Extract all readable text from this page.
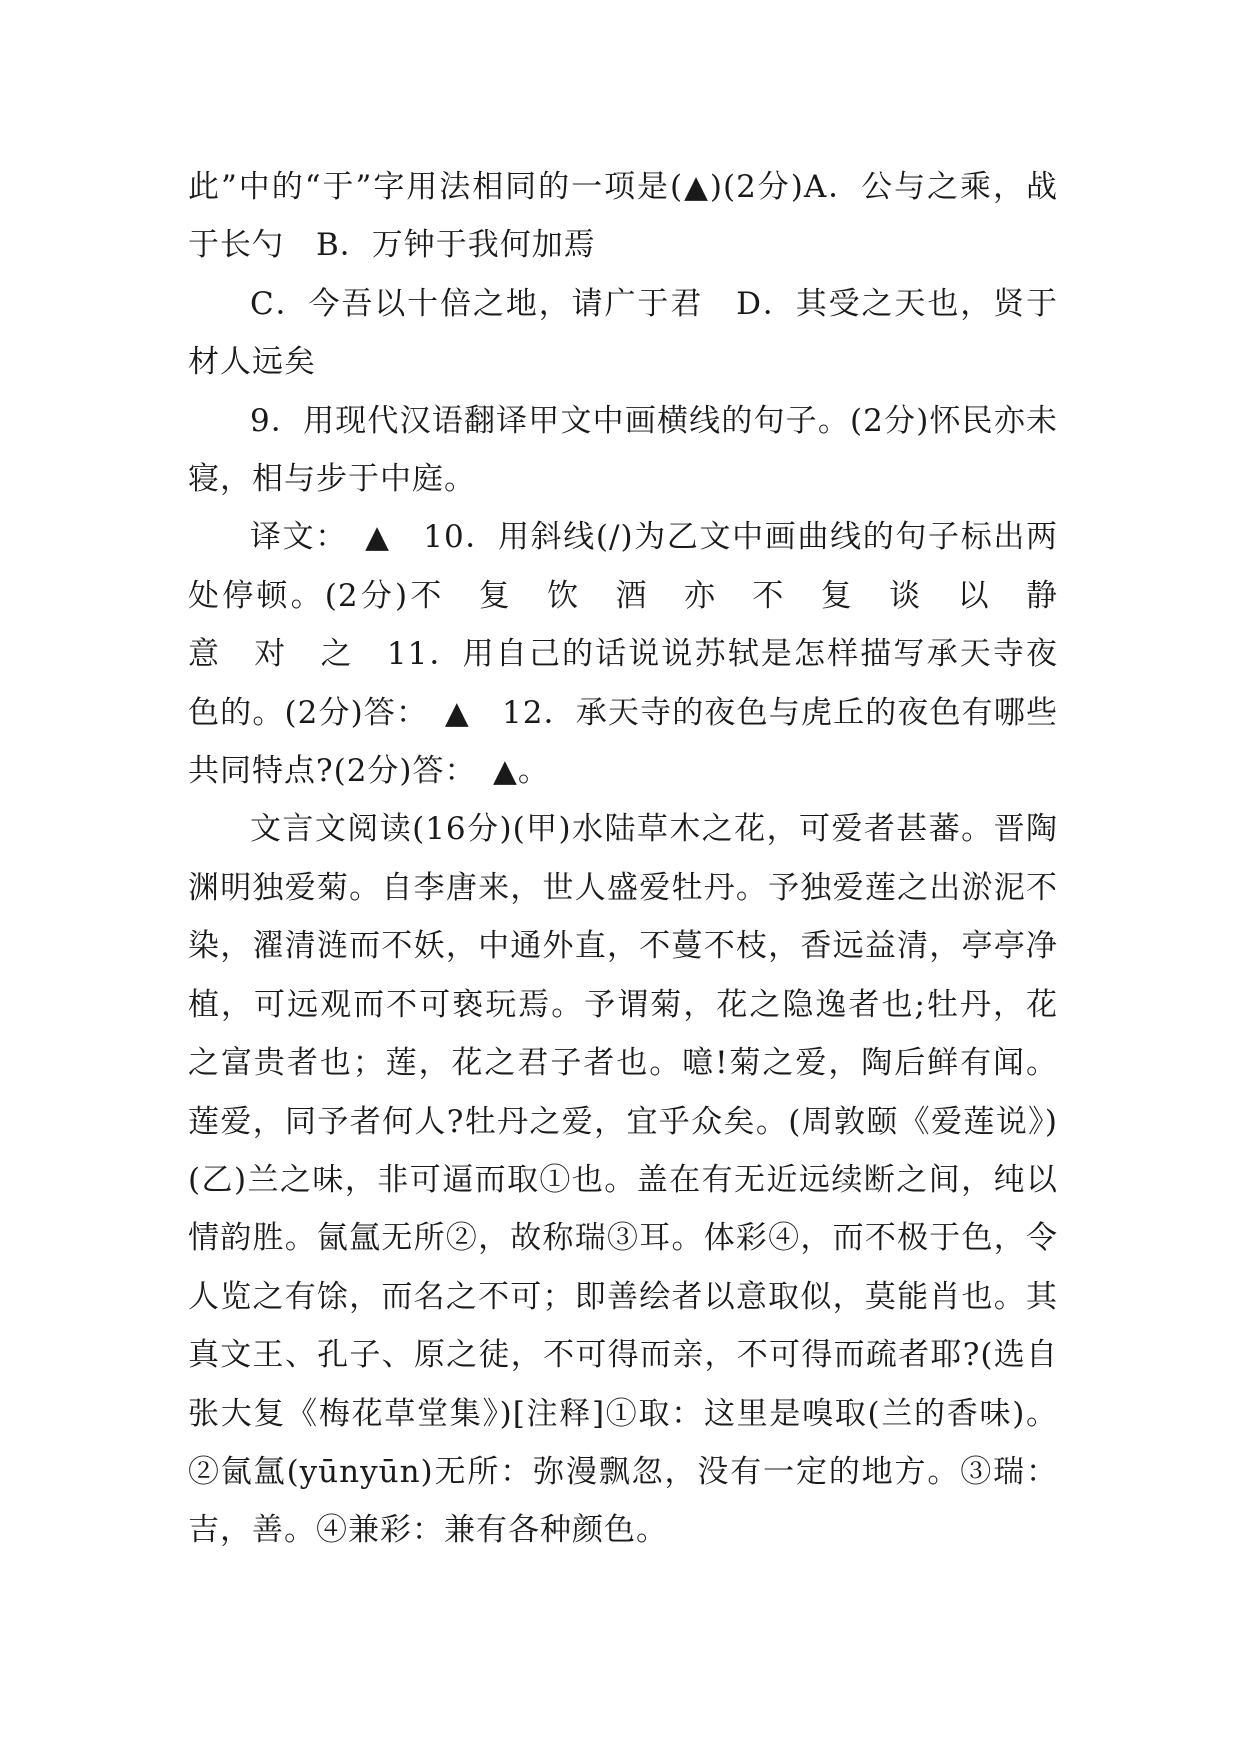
此”中的“于”字用法相同的一项是(▲)(2分)A．公与之乘，战于长勺　B．万钟于我何加焉

C．今吾以十倍之地，请广于君　D．其受之天也，贤于材人远矣

9．用现代汉语翻译甲文中画横线的句子。(2分)怀民亦未寝，相与步于中庭。

译文：　▲　10．用斜线(/)为乙文中画曲线的句子标出两处停顿。(2分)不　复　饮　酒　亦　不　复　谈　以　静　意　对　之　11．用自己的话说说苏轼是怎样描写承天寺夜色的。(2分)答：　▲　12．承天寺的夜色与虎丘的夜色有哪些共同特点?(2分)答：　▲。

文言文阅读(16分)(甲)水陆草木之花，可爱者甚蕃。晋陶渊明独爱菊。自李唐来，世人盛爱牡丹。予独爱莲之出淤泥不染，濯清涟而不妖，中通外直，不蔓不枝，香远益清，亭亭净植，可远观而不可亵玩焉。予谓菊，花之隐逸者也;牡丹，花之富贵者也；莲，花之君子者也。噫!菊之爱，陶后鲜有闻。莲爱，同予者何人?牡丹之爱，宜乎众矣。(周敦颐《爱莲说》)(乙)兰之味，非可逼而取①也。盖在有无近远续断之间，纯以情韵胜。氤氲无所②，故称瑞③耳。体彩④，而不极于色，令人览之有馀，而名之不可；即善绘者以意取似，莫能肖也。其真文王、孔子、原之徒，不可得而亲，不可得而疏者耶?(选自张大复《梅花草堂集》)[注释]①取：这里是嗅取(兰的香味)。②氤氲(yūnyūn)无所：弥漫飘忽，没有一定的地方。③瑞：吉，善。④兼彩：兼有各种颜色。
